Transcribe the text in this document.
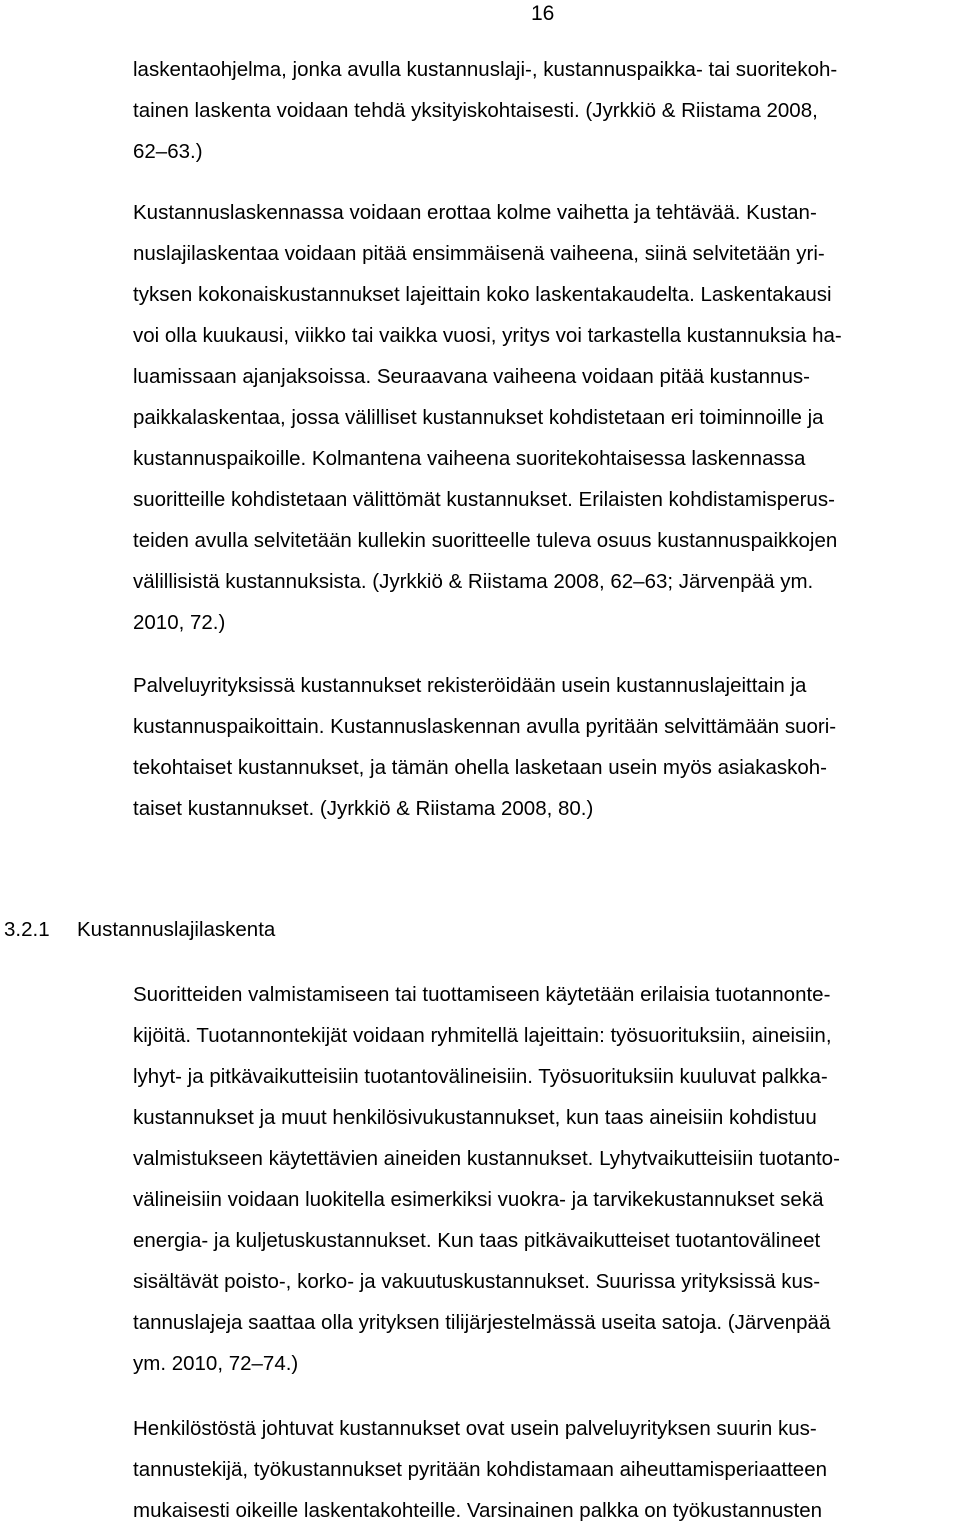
16
laskentaohjelma, jonka avulla kustannuslaji-, kustannuspaikka- tai suoritekoh-
tainen laskenta voidaan tehdä yksityiskohtaisesti. (Jyrkkiö & Riistama 2008,
62–63.)
Kustannuslaskennassa voidaan erottaa kolme vaihetta ja tehtävää. Kustan-
nuslajilaskentaa voidaan pitää ensimmäisenä vaiheena, siinä selvitetään yri-
tyksen kokonaiskustannukset lajeittain koko laskentakaudelta. Laskentakausi
voi olla kuukausi, viikko tai vaikka vuosi, yritys voi tarkastella kustannuksia ha-
luamissaan ajanjaksoissa. Seuraavana vaiheena voidaan pitää kustannus-
paikkalaskentaa, jossa välilliset kustannukset kohdistetaan eri toiminnoille ja
kustannuspaikoille. Kolmantena vaiheena suoritekohtaisessa laskennassa
suoritteille kohdistetaan välittömät kustannukset. Erilaisten kohdistamisperus-
teiden avulla selvitetään kullekin suoritteelle tuleva osuus kustannuspaikkojen
välillisistä kustannuksista. (Jyrkkiö & Riistama 2008, 62–63; Järvenpää ym.
2010, 72.)
Palveluyrityksissä kustannukset rekisteröidään usein kustannuslajeittain ja
kustannuspaikoittain. Kustannuslaskennan avulla pyritään selvittämään suori-
tekohtaiset kustannukset, ja tämän ohella lasketaan usein myös asiakaskoh-
taiset kustannukset. (Jyrkkiö & Riistama 2008, 80.)
3.2.1 Kustannuslajilaskenta
Suoritteiden valmistamiseen tai tuottamiseen käytetään erilaisia tuotannonte-
kijöitä. Tuotannontekijät voidaan ryhmitellä lajeittain: työsuorituksiin, aineisiin,
lyhyt- ja pitkävaikutteisiin tuotantovälineisiin. Työsuorituksiin kuuluvat palkka-
kustannukset ja muut henkilösivukustannukset, kun taas aineisiin kohdistuu
valmistukseen käytettävien aineiden kustannukset. Lyhytvaikutteisiin tuotanto-
välineisiin voidaan luokitella esimerkiksi vuokra- ja tarvikekustannukset sekä
energia- ja kuljetuskustannukset. Kun taas pitkävaikutteiset tuotantovälineet
sisältävät poisto-, korko- ja vakuutuskustannukset. Suurissa yrityksissä kus-
tannuslajeja saattaa olla yrityksen tilijärjestelmässä useita satoja. (Järvenpää
ym. 2010, 72–74.)
Henkilöstöstä johtuvat kustannukset ovat usein palveluyrityksen suurin kus-
tannustekijä, työkustannukset pyritään kohdistamaan aiheuttamisperiaatteen
mukaisesti oikeille laskentakohteille. Varsinainen palkka on työkustannusten
